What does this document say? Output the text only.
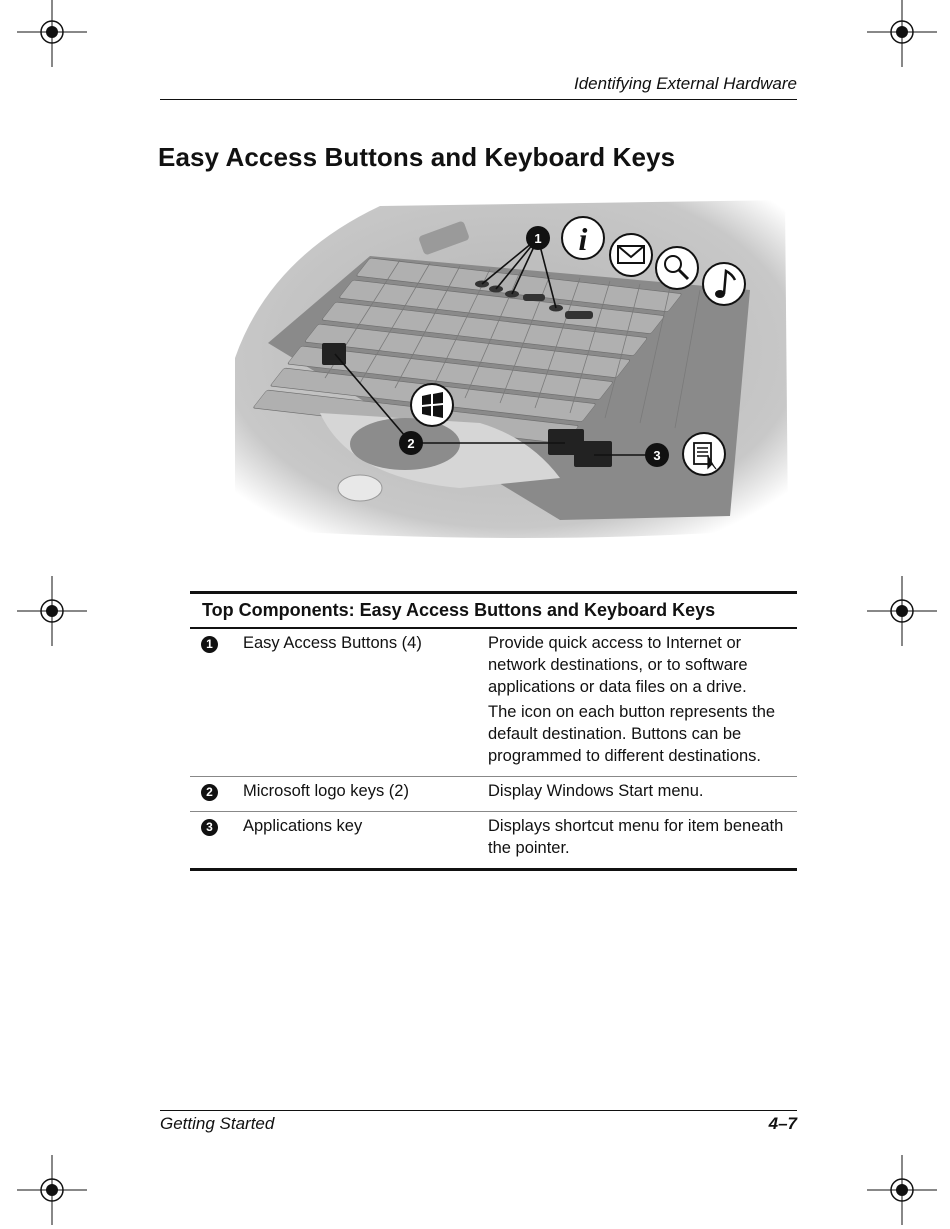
Identifying External Hardware
Easy Access Buttons and Keyboard Keys
1
2
3
i
Top Components: Easy Access Buttons and Keyboard Keys
1	Easy Access Buttons (4)	Provide quick access to Internet or network destinations, or to software applications or data files on a drive.

The icon on each button represents the default destination. Buttons can be programmed to different destinations.

2	Microsoft logo keys (2)	Display Windows Start menu.

3	Applications key	Displays shortcut menu for item beneath the pointer.

Getting Started	4–7
